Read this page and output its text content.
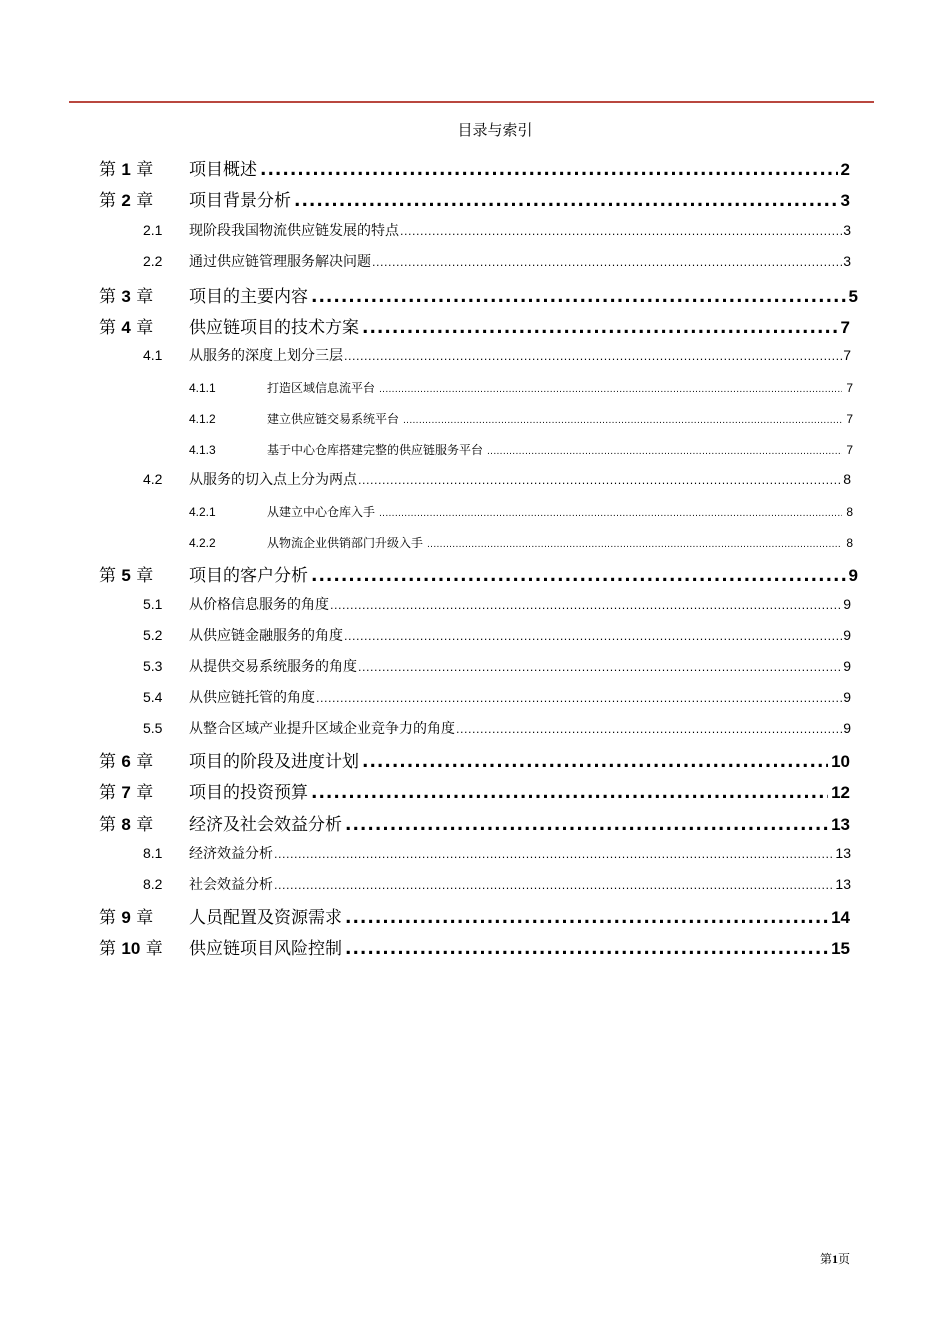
目录与索引
第 1 章	项目概述 .....	2
第 2 章	项目背景分析 .....	3
2.1	现阶段我国物流供应链发展的特点 .....	3
2.2	通过供应链管理服务解决问题 .....	3
第 3 章	项目的主要内容 .....	5
第 4 章	供应链项目的技术方案 .....	7
4.1	从服务的深度上划分三层 .....	7
4.1.1	打造区域信息流平台 .....	7
4.1.2	建立供应链交易系统平台 .....	7
4.1.3	基于中心仓库搭建完整的供应链服务平台 .....	7
4.2	从服务的切入点上分为两点 .....	8
4.2.1	从建立中心仓库入手 .....	8
4.2.2	从物流企业供销部门升级入手 .....	8
第 5 章	项目的客户分析 .....	9
5.1	从价格信息服务的角度 .....	9
5.2	从供应链金融服务的角度 .....	9
5.3	从提供交易系统服务的角度 .....	9
5.4	从供应链托管的角度 .....	9
5.5	从整合区域产业提升区域企业竞争力的角度 .....	9
第 6 章	项目的阶段及进度计划 .....	10
第 7 章	项目的投资预算 .....	12
第 8 章	经济及社会效益分析 .....	13
8.1	经济效益分析 .....	13
8.2	社会效益分析 .....	13
第 9 章	人员配置及资源需求 .....	14
第 10 章	供应链项目风险控制 .....	15
第1页
